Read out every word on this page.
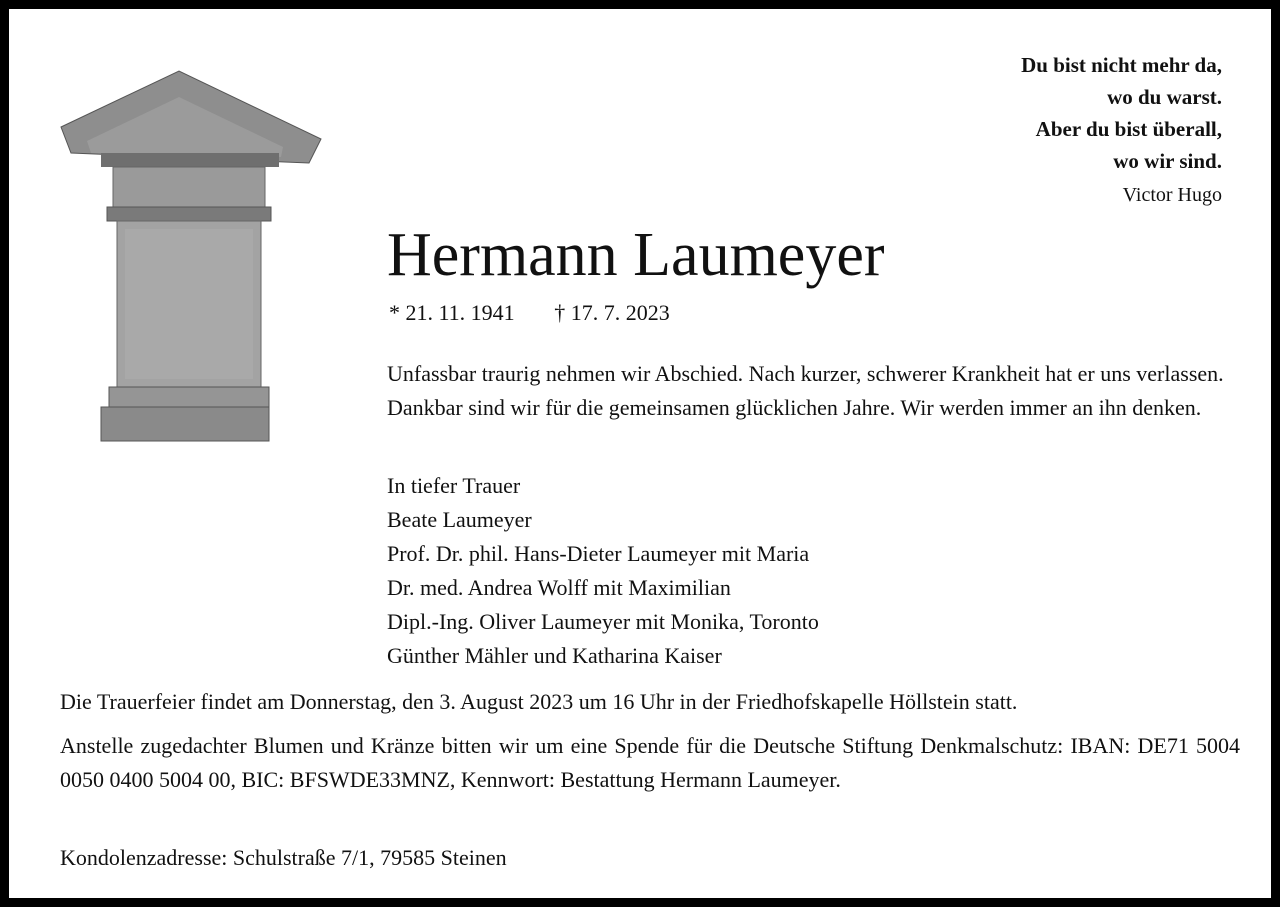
Du bist nicht mehr da,
wo du warst.
Aber du bist überall,
wo wir sind.
Victor Hugo
Hermann Laumeyer
* 21. 11. 1941 † 17. 7. 2023

Unfassbar traurig nehmen wir Abschied. Nach kurzer, schwerer Krankheit hat er uns verlassen. Dankbar sind wir für die gemeinsamen glücklichen Jahre. Wir werden immer an ihn denken.

In tiefer Trauer
Beate Laumeyer
Prof. Dr. phil. Hans-Dieter Laumeyer mit Maria
Dr. med. Andrea Wolff mit Maximilian
Dipl.-Ing. Oliver Laumeyer mit Monika, Toronto
Günther Mähler und Katharina Kaiser
Die Trauerfeier findet am Donnerstag, den 3. August 2023 um 16 Uhr in der Friedhofskapelle Höllstein statt.
Anstelle zugedachter Blumen und Kränze bitten wir um eine Spende für die Deutsche Stiftung Denkmalschutz: IBAN: DE71 5004 0050 0400 5004 00, BIC: BFSWDE33MNZ, Kennwort: Bestattung Hermann Laumeyer.
Kondolenzadresse: Schulstraße 7/1, 79585 Steinen
